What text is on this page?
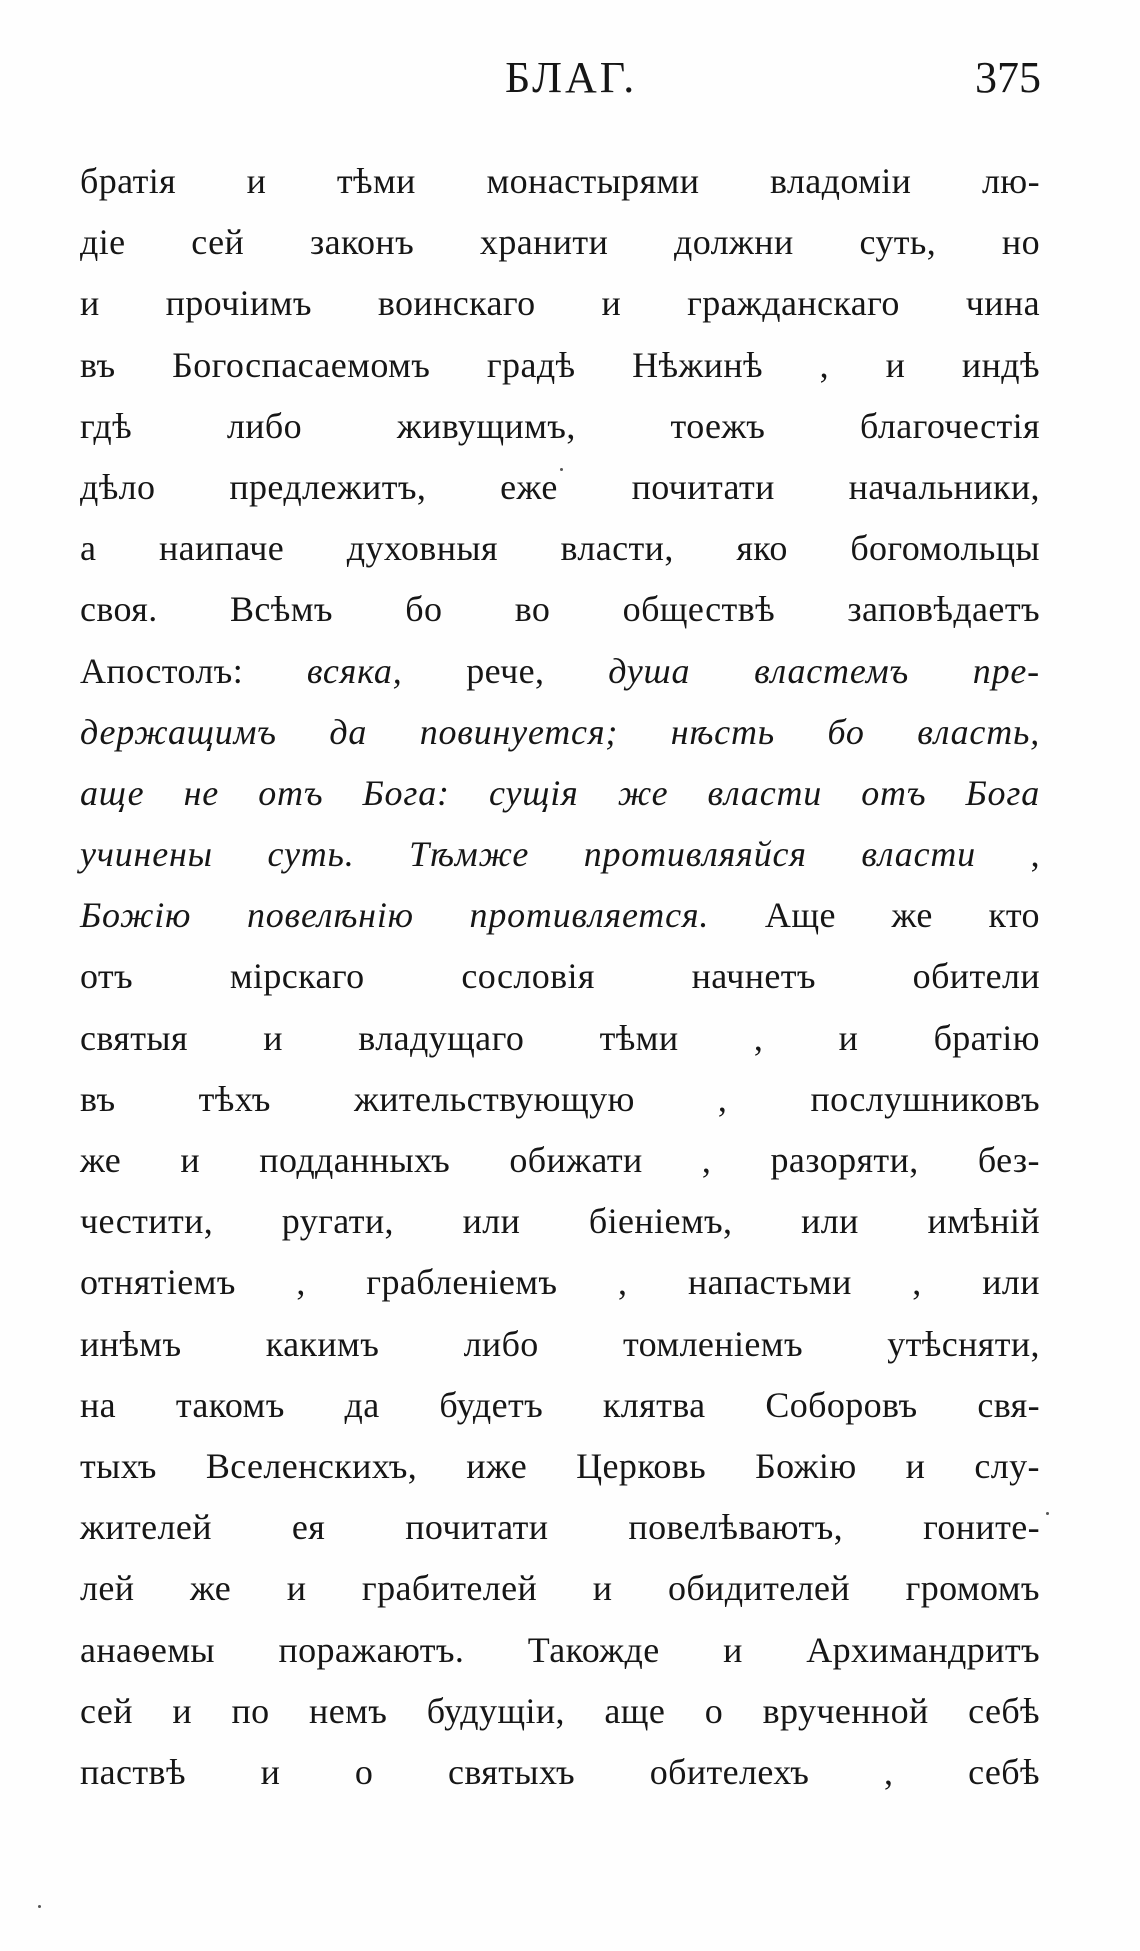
БЛАГ.	375
братія и тѣми монастырями владоміи лю-
діе сей законъ хранити должни суть, но
и прочіимъ воинскаго и гражданскаго чина
въ Богоспасаемомъ градѣ Нѣжинѣ , и индѣ
гдѣ	либо	живущимъ,	тоежъ	благочестія
дѣло предлежитъ, еже почитати начальники,
а наипаче духовныя власти, яко богомольцы
своя. Всѣмъ бо во обществѣ заповѣдаетъ
Апостолъ: всяка, рече, душа властемъ пре-
держащимъ да повинуется; нѣсть бо власть,
аще не отъ Бога: сущія же власти отъ Бога
учинены суть. Тѣмже противляяйся власти ,
Божію повелѣнію противляется. Аще же кто
отъ	мірскаго	сословія	начнетъ	обители
святыя и владущаго тѣми , и братію
въ тѣхъ жительствующую , послушниковъ
же и подданныхъ обижати , разоряти, без-
честити, ругати, или біеніемъ, или имѣній
отнятіемъ , грабленіемъ , напастьми , или
инѣмъ какимъ либо томленіемъ утѣсняти,
на такомъ да будетъ клятва Соборовъ свя-
тыхъ Вселенскихъ, иже Церковь Божію и слу-
жителей ея почитати повелѣваютъ, гоните-
лей же и грабителей и обидителей громомъ
анаѳемы поражаютъ. Такожде и Архимандритъ
сей и по немъ будущіи, аще о врученной себѣ
паствѣ и о святыхъ обителехъ , себѣ
